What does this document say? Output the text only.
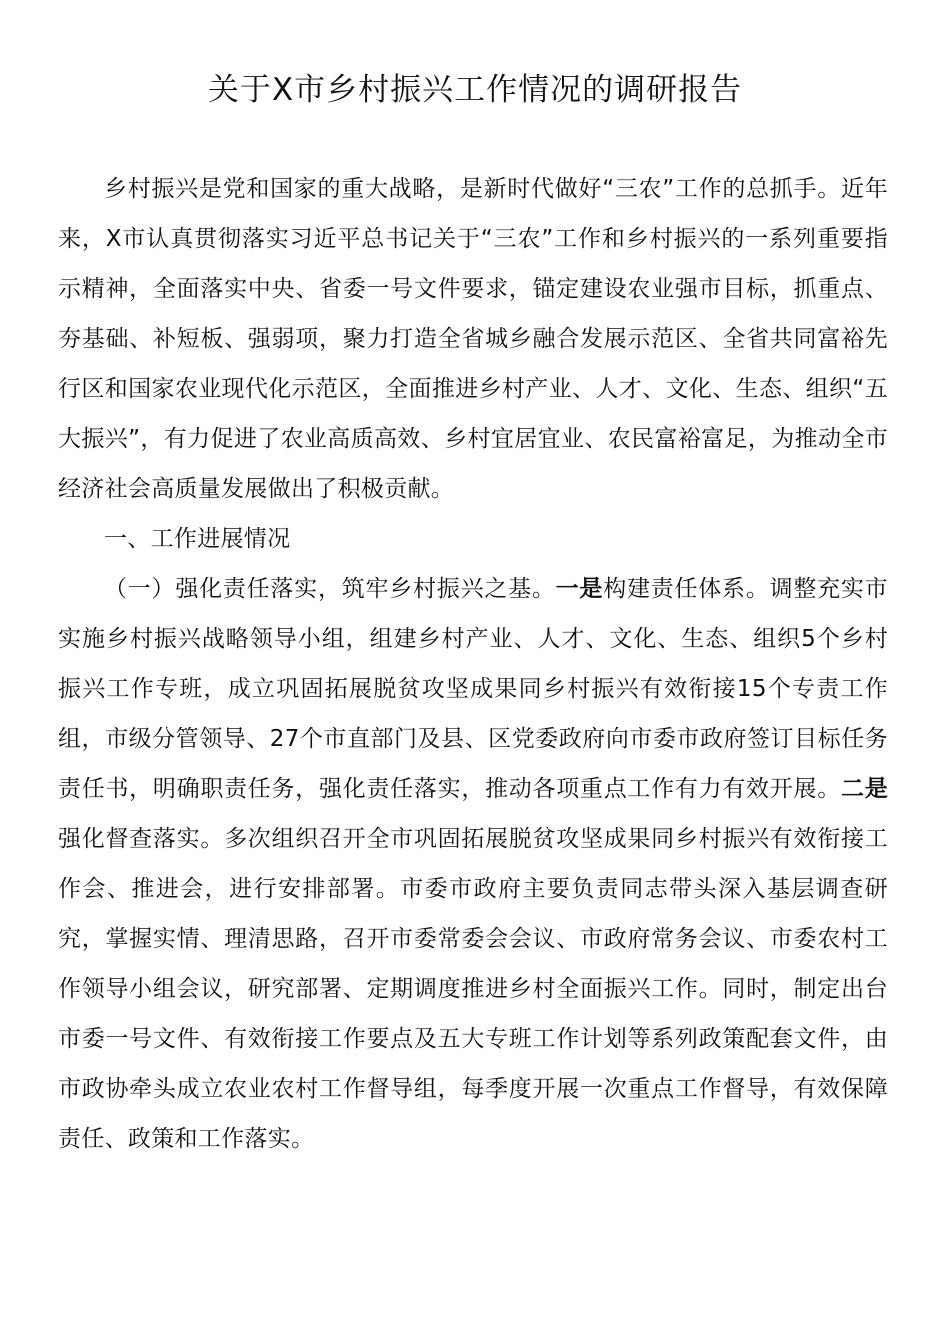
关于X市乡村振兴工作情况的调研报告

乡村振兴是党和国家的重大战略，是新时代做好“三农”工作的总抓手。近年来，X市认真贯彻落实习近平总书记关于“三农”工作和乡村振兴的一系列重要指示精神，全面落实中央、省委一号文件要求，锚定建设农业强市目标，抓重点、夯基础、补短板、强弱项，聚力打造全省城乡融合发展示范区、全省共同富裕先行区和国家农业现代化示范区，全面推进乡村产业、人才、文化、生态、组织“五大振兴”，有力促进了农业高质高效、乡村宜居宜业、农民富裕富足，为推动全市经济社会高质量发展做出了积极贡献。

一、工作进展情况

（一）强化责任落实，筑牢乡村振兴之基。一是构建责任体系。调整充实市实施乡村振兴战略领导小组，组建乡村产业、人才、文化、生态、组织5个乡村振兴工作专班，成立巩固拓展脱贫攻坚成果同乡村振兴有效衔接15个专责工作组，市级分管领导、27个市直部门及县、区党委政府向市委市政府签订目标任务责任书，明确职责任务，强化责任落实，推动各项重点工作有力有效开展。二是强化督查落实。多次组织召开全市巩固拓展脱贫攻坚成果同乡村振兴有效衔接工作会、推进会，进行安排部署。市委市政府主要负责同志带头深入基层调查研究，掌握实情、理清思路，召开市委常委会会议、市政府常务会议、市委农村工作领导小组会议，研究部署、定期调度推进乡村全面振兴工作。同时，制定出台市委一号文件、有效衔接工作要点及五大专班工作计划等系列政策配套文件，由市政协牵头成立农业农村工作督导组，每季度开展一次重点工作督导，有效保障责任、政策和工作落实。
